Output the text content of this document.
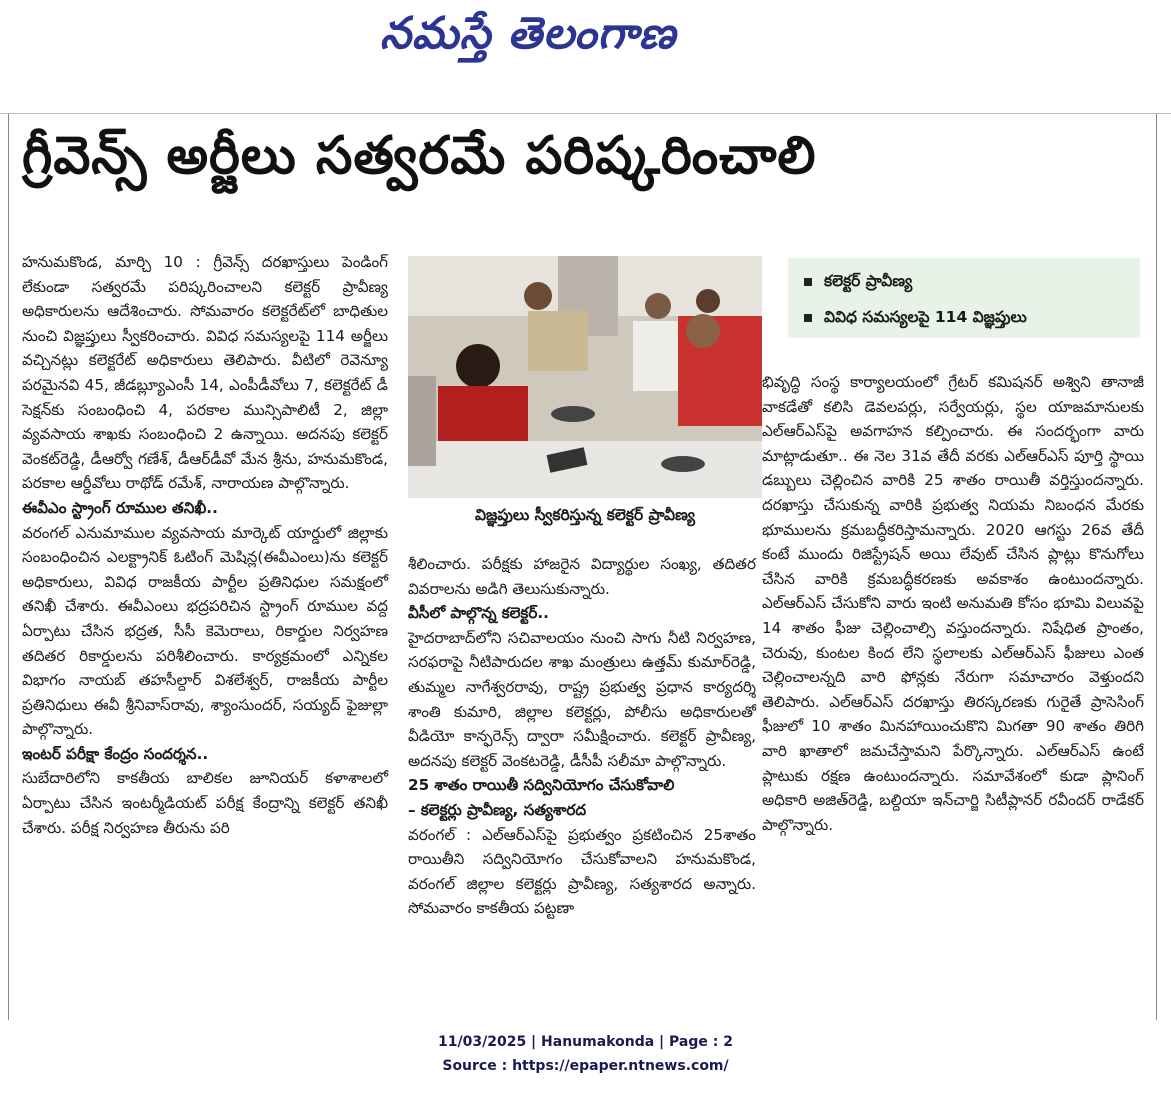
నమస్తే తెలంగాణ
గ్రీవెన్స్ అర్జీలు సత్వరమే పరిష్కరించాలి

హనుమకొండ, మార్చి 10 : గ్రీవెన్స్ దరఖాస్తులు పెండింగ్ లేకుండా సత్వరమే పరిష్కరించాలని కలెక్టర్ ప్రావీణ్య అధికారులను ఆదేశించారు. సోమవారం కలెక్టరేట్‌లో బాధితుల నుంచి విజ్ఞప్తులు స్వీకరించారు. వివిధ సమస్యలపై 114 అర్జీలు వచ్చినట్లు కలెక్టరేట్ అధికారులు తెలిపారు. వీటిలో రెవెన్యూ పరమైనవి 45, జీడబ్ల్యూఎంసీ 14, ఎంపీడీవోలు 7, కలెక్టరేట్ డీ సెక్షన్‌కు సంబంధించి 4, పరకాల మున్సిపాలిటీ 2, జిల్లా వ్యవసాయ శాఖకు సంబంధించి 2 ఉన్నాయి. అదనపు కలెక్టర్ వెంకట్‌రెడ్డి, డీఆర్వో గణేశ్, డీఆర్‌డీవో మేన శ్రీను, హనుమకొండ, పరకాల ఆర్డీవోలు రాథోడ్ రమేశ్, నారాయణ పాల్గొన్నారు.

ఈవీఎం స్ట్రాంగ్ రూముల తనిఖీ..

వరంగల్ ఎనుమాముల వ్యవసాయ మార్కెట్ యార్డులో జిల్లాకు సంబంధించిన ఎలక్ట్రానిక్ ఓటింగ్ మెషిన్ల(ఈవీఎంలు)ను కలెక్టర్ అధికారులు, వివిధ రాజకీయ పార్టీల ప్రతినిధుల సమక్షంలో తనిఖీ చేశారు. ఈవీఎంలు భద్రపరిచిన స్ట్రాంగ్ రూముల వద్ద ఏర్పాటు చేసిన భద్రత, సీసీ కెమెరాలు, రికార్డుల నిర్వహణ తదితర రికార్డులను పరిశీలించారు. కార్యక్రమంలో ఎన్నికల విభాగం నాయబ్ తహసీల్దార్ విశలేశ్వర్, రాజకీయ పార్టీల ప్రతినిధులు ఈవీ శ్రీనివాస్‌రావు, శ్యాంసుందర్, సయ్యద్ ఫైజుల్లా పాల్గొన్నారు.

ఇంటర్ పరీక్షా కేంద్రం సందర్శన..

సుబేదారిలోని కాకతీయ బాలికల జూనియర్ కళాశాలలో ఏర్పాటు చేసిన ఇంటర్మీడియట్ పరీక్ష కేంద్రాన్ని కలెక్టర్ తనిఖీ చేశారు. పరీక్ష నిర్వహణ తీరును పరి

విజ్ఞప్తులు స్వీకరిస్తున్న కలెక్టర్ ప్రావీణ్య

శీలించారు. పరీక్షకు హాజరైన విద్యార్థుల సంఖ్య, తదితర వివరాలను అడిగి తెలుసుకున్నారు.

వీసీలో పాల్గొన్న కలెక్టర్..

హైదరాబాద్‌లోని సచివాలయం నుంచి సాగు నీటి నిర్వహణ, సరఫరాపై నీటిపారుదల శాఖ మంత్రులు ఉత్తమ్ కుమార్‌రెడ్డి, తుమ్మల నాగేశ్వరరావు, రాష్ట్ర ప్రభుత్వ ప్రధాన కార్యదర్శి శాంతి కుమారి, జిల్లాల కలెక్టర్లు, పోలీసు అధికారులతో వీడియో కాన్ఫరెన్స్ ద్వారా సమీక్షించారు. కలెక్టర్ ప్రావీణ్య, అదనపు కలెక్టర్ వెంకటరెడ్డి, డీసీపీ సలీమా పాల్గొన్నారు.

25 శాతం రాయితీ సద్వినియోగం చేసుకోవాలి

– కలెక్టర్లు ప్రావీణ్య, సత్యశారద

వరంగల్ : ఎల్‌ఆర్‌ఎస్‌పై ప్రభుత్వం ప్రకటించిన 25శాతం రాయితీని సద్వినియోగం చేసుకోవాలని హనుమకొండ, వరంగల్ జిల్లాల కలెక్టర్లు ప్రావీణ్య, సత్యశారద అన్నారు. సోమవారం కాకతీయ పట్టణా

కలెక్టర్ ప్రావీణ్య
వివిధ సమస్యలపై 114 విజ్ఞప్తులు

భివృద్ధి సంస్థ కార్యాలయంలో గ్రేటర్ కమిషనర్ అశ్విని తానాజీ వాకడేతో కలిసి డెవలపర్లు, సర్వేయర్లు, స్థల యాజమానులకు ఎల్‌ఆర్‌ఎస్‌పై అవగాహన కల్పించారు. ఈ సందర్భంగా వారు మాట్లాడుతూ.. ఈ నెల 31వ తేదీ వరకు ఎల్‌ఆర్‌ఎస్ పూర్తి స్థాయి డబ్బులు చెల్లించిన వారికి 25 శాతం రాయితీ వర్తిస్తుందన్నారు. దరఖాస్తు చేసుకున్న వారికి ప్రభుత్వ నియమ నిబంధన మేరకు భూములను క్రమబద్ధీకరిస్తామన్నారు. 2020 ఆగస్టు 26వ తేదీ కంటే ముందు రిజిస్ట్రేషన్ అయి లేవుట్ చేసిన ప్లాట్లు కొనుగోలు చేసిన వారికి క్రమబద్ధీకరణకు అవకాశం ఉంటుందన్నారు. ఎల్‌ఆర్‌ఎస్ చేసుకోని వారు ఇంటి అనుమతి కోసం భూమి విలువపై 14 శాతం ఫీజు చెల్లించాల్సి వస్తుందన్నారు. నిషేధిత ప్రాంతం, చెరువు, కుంటల కింద లేని స్థలాలకు ఎల్‌ఆర్‌ఎస్ ఫీజులు ఎంత చెల్లించాలన్నది వారి ఫోన్లకు నేరుగా సమాచారం వెళ్తుందని తెలిపారు. ఎల్‌ఆర్‌ఎస్ దరఖాస్తు తిరస్కరణకు గురైతే ప్రాసెసింగ్ ఫీజులో 10 శాతం మినహాయించుకొని మిగతా 90 శాతం తిరిగి వారి ఖాతాలో జమచేస్తామని పేర్కొన్నారు. ఎల్‌ఆర్‌ఎస్ ఉంటే ప్లాటుకు రక్షణ ఉంటుందన్నారు. సమావేశంలో కుడా ప్లానింగ్ అధికారి అజిత్‌రెడ్డి, బల్దియా ఇన్‌చార్జి సిటీప్లానర్ రవీందర్ రాడేకర్ పాల్గొన్నారు.

11/03/2025 | Hanumakonda | Page : 2
Source : https://epaper.ntnews.com/
